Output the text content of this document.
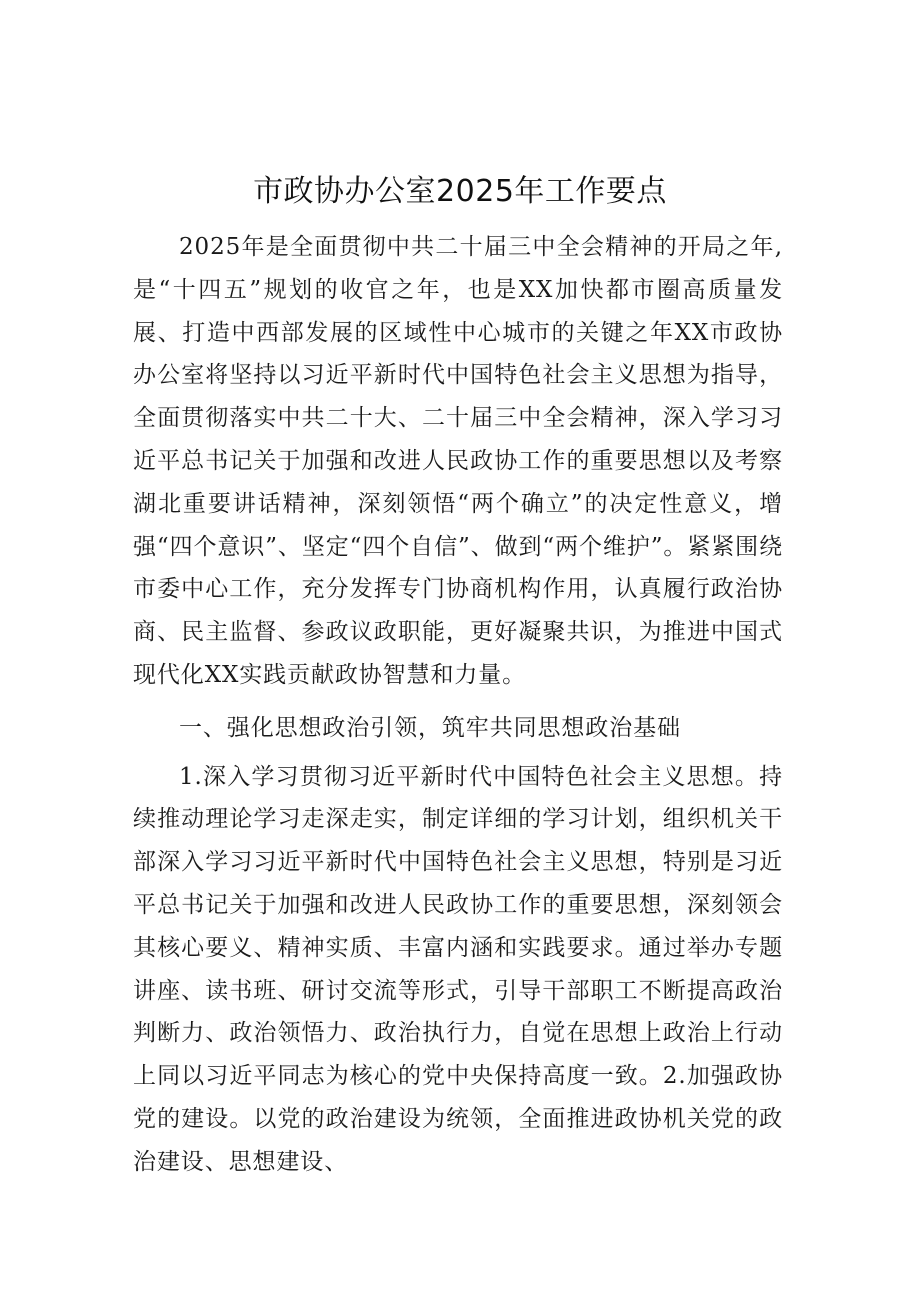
市政协办公室2025年工作要点

2025年是全面贯彻中共二十届三中全会精神的开局之年,是“十四五”规划的收官之年，也是XX加快都市圈高质量发展、打造中西部发展的区域性中心城市的关键之年XX市政协办公室将坚持以习近平新时代中国特色社会主义思想为指导，全面贯彻落实中共二十大、二十届三中全会精神，深入学习习近平总书记关于加强和改进人民政协工作的重要思想以及考察湖北重要讲话精神，深刻领悟“两个确立”的决定性意义，增强“四个意识”、坚定“四个自信”、做到“两个维护”。紧紧围绕市委中心工作，充分发挥专门协商机构作用，认真履行政治协商、民主监督、参政议政职能，更好凝聚共识，为推进中国式现代化XX实践贡献政协智慧和力量。

一、强化思想政治引领，筑牢共同思想政治基础

1.深入学习贯彻习近平新时代中国特色社会主义思想。持续推动理论学习走深走实，制定详细的学习计划，组织机关干部深入学习习近平新时代中国特色社会主义思想，特别是习近平总书记关于加强和改进人民政协工作的重要思想，深刻领会其核心要义、精神实质、丰富内涵和实践要求。通过举办专题讲座、读书班、研讨交流等形式，引导干部职工不断提高政治判断力、政治领悟力、政治执行力，自觉在思想上政治上行动上同以习近平同志为核心的党中央保持高度一致。2.加强政协党的建设。以党的政治建设为统领，全面推进政协机关党的政治建设、思想建设、
